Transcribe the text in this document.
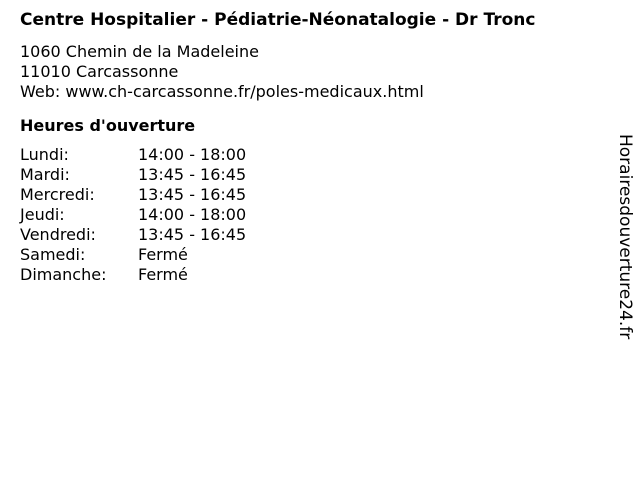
Centre Hospitalier - Pédiatrie-Néonatalogie - Dr Tronc
1060 Chemin de la Madeleine
11010 Carcassonne
Web: www.ch-carcassonne.fr/poles-medicaux.html
Heures d'ouverture
Lundi:	14:00 - 18:00
Mardi:	13:45 - 16:45
Mercredi:	13:45 - 16:45
Jeudi:	14:00 - 18:00
Vendredi:	13:45 - 16:45
Samedi:	Fermé
Dimanche:	Fermé	Horairesdouverture24.fr
